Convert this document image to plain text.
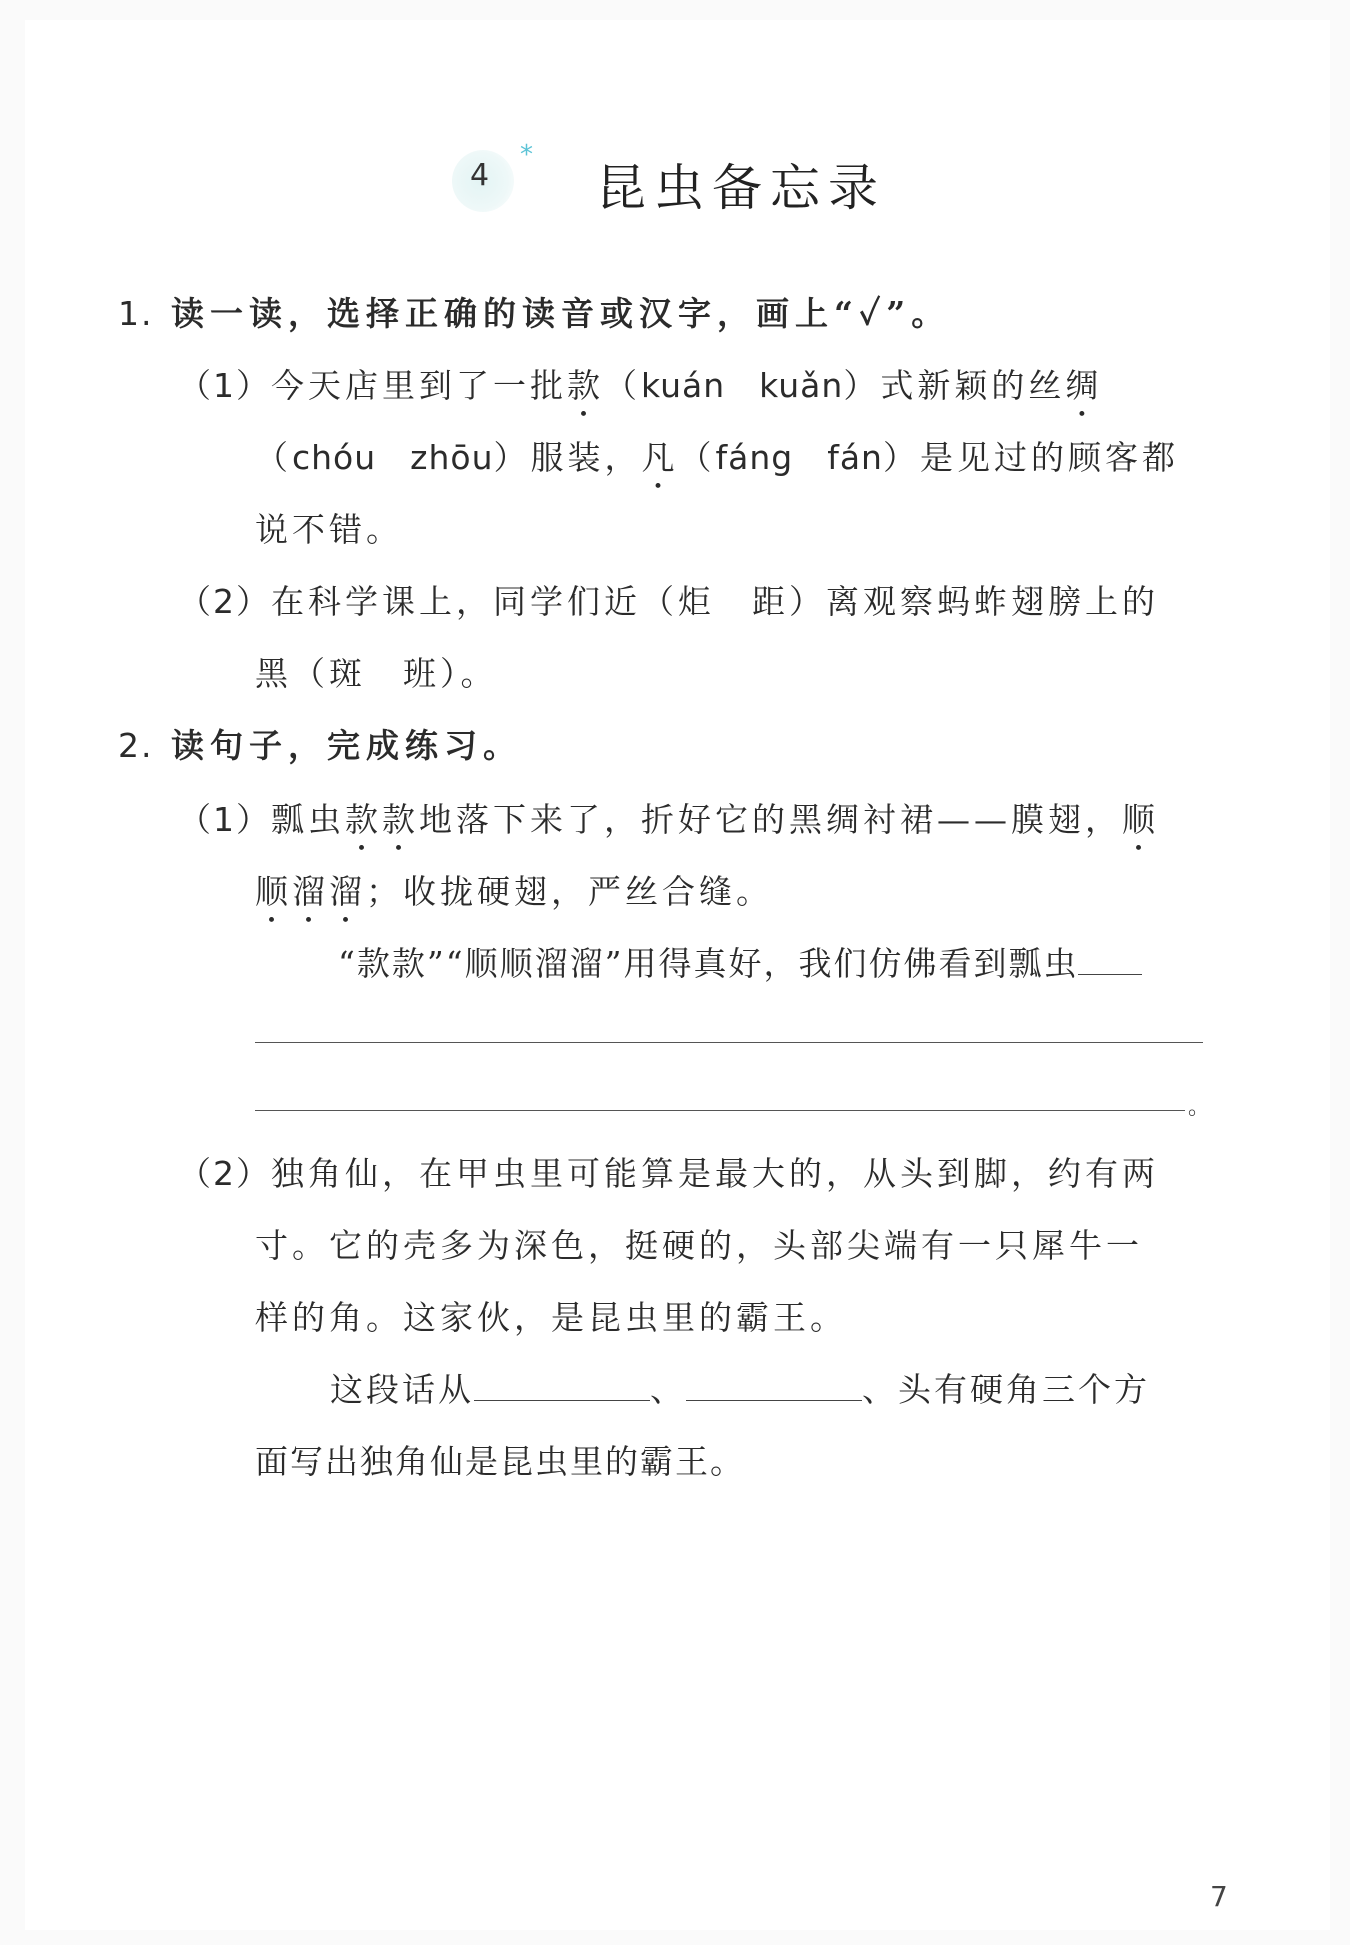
4
*
昆虫备忘录
1. 读一读，选择正确的读音或汉字，画上“✓”。
（1）今天店里到了一批款（kuán kuǎn）式新颖的丝绸
（chóu zhōu）服装，凡（fáng fán）是见过的顾客都
说不错。
（2）在科学课上，同学们近（炬　距）离观察蚂蚱翅膀上的
黑（斑　班）。
2. 读句子，完成练习。
（1）瓢虫款款地落下来了，折好它的黑绸衬裙——膜翅，顺
顺溜溜；收拢硬翅，严丝合缝。
“款款”“顺顺溜溜”用得真好，我们仿佛看到瓢虫
。
（2）独角仙，在甲虫里可能算是最大的，从头到脚，约有两
寸。它的壳多为深色，挺硬的，头部尖端有一只犀牛一
样的角。这家伙，是昆虫里的霸王。
这段话从	、	、头有硬角三个方
面写出独角仙是昆虫里的霸王。
7
